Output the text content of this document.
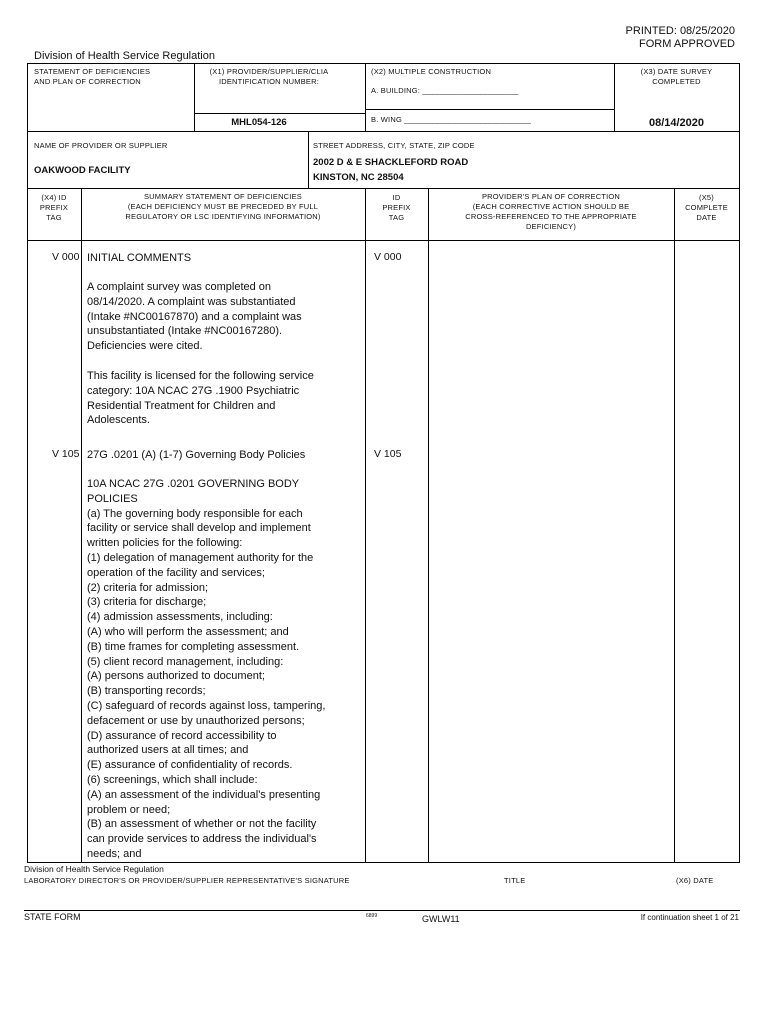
PRINTED: 08/25/2020
FORM APPROVED
Division of Health Service Regulation
STATEMENT OF DEFICIENCIES
AND PLAN OF CORRECTION
(X1) PROVIDER/SUPPLIER/CLIA
IDENTIFICATION NUMBER:
MHL054-126
(X2) MULTIPLE CONSTRUCTION
A. BUILDING: ______________________
B. WING _____________________________
(X3) DATE SURVEY
COMPLETED
08/14/2020
NAME OF PROVIDER OR SUPPLIER
OAKWOOD FACILITY
STREET ADDRESS, CITY, STATE, ZIP CODE
2002 D & E SHACKLEFORD ROAD
KINSTON, NC 28504
(X4) ID
PREFIX
TAG
SUMMARY STATEMENT OF DEFICIENCIES
(EACH DEFICIENCY MUST BE PRECEDED BY FULL
REGULATORY OR LSC IDENTIFYING INFORMATION)
ID
PREFIX
TAG
PROVIDER'S PLAN OF CORRECTION
(EACH CORRECTIVE ACTION SHOULD BE
CROSS-REFERENCED TO THE APPROPRIATE
DEFICIENCY)
(X5)
COMPLETE
DATE
V 000	V 000
INITIAL COMMENTS
A complaint survey was completed on
08/14/2020. A complaint was substantiated
(Intake #NC00167870) and a complaint was
unsubstantiated (Intake #NC00167280).
Deficiencies were cited.
This facility is licensed for the following service
category: 10A NCAC 27G .1900 Psychiatric
Residential Treatment for Children and
Adolescents.
V 105	V 105
27G .0201 (A) (1-7) Governing Body Policies
10A NCAC 27G .0201 GOVERNING BODY
POLICIES
(a) The governing body responsible for each
facility or service shall develop and implement
written policies for the following:
(1) delegation of management authority for the
operation of the facility and services;
(2) criteria for admission;
(3) criteria for discharge;
(4) admission assessments, including:
(A) who will perform the assessment; and
(B) time frames for completing assessment.
(5) client record management, including:
(A) persons authorized to document;
(B) transporting records;
(C) safeguard of records against loss, tampering,
defacement or use by unauthorized persons;
(D) assurance of record accessibility to
authorized users at all times; and
(E) assurance of confidentiality of records.
(6) screenings, which shall include:
(A) an assessment of the individual's presenting
problem or need;
(B) an assessment of whether or not the facility
can provide services to address the individual's
needs; and
Division of Health Service Regulation
LABORATORY DIRECTOR'S OR PROVIDER/SUPPLIER REPRESENTATIVE'S SIGNATURE	TITLE	(X6) DATE
STATE FORM	6899	GWLW11	If continuation sheet 1 of 21
